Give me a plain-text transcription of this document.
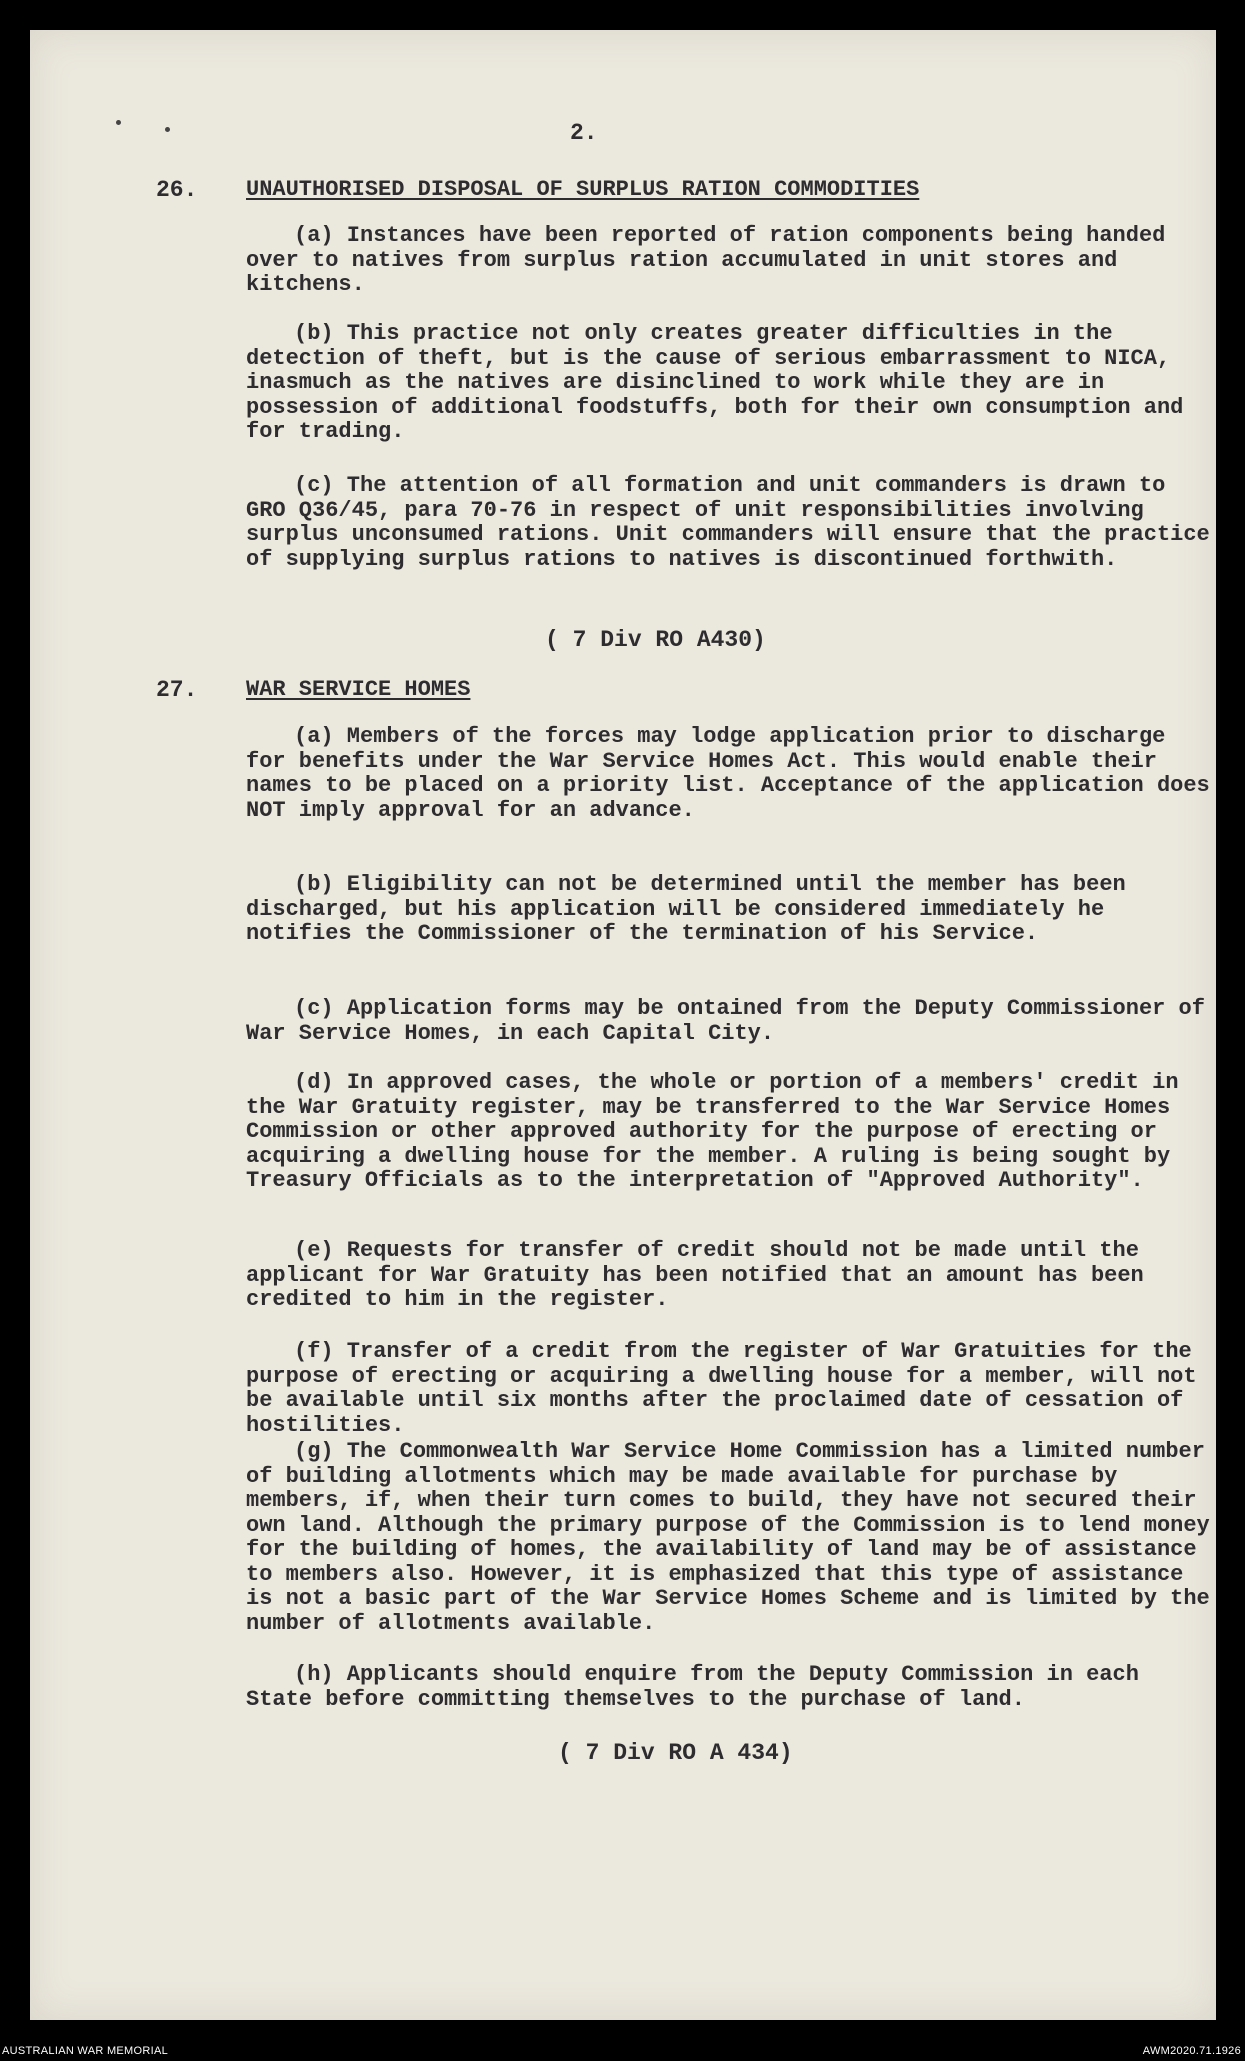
2.
26. UNAUTHORISED DISPOSAL OF SURPLUS RATION COMMODITIES

(a) Instances have been reported of ration components being handed over to natives from surplus ration accumulated in unit stores and kitchens.

(b) This practice not only creates greater difficulties in the detection of theft, but is the cause of serious embarrassment to NICA, inasmuch as the natives are disinclined to work while they are in possession of additional foodstuffs, both for their own consumption and for trading.

(c) The attention of all formation and unit commanders is drawn to GRO Q36/45, para 70-76 in respect of unit responsibilities involving surplus unconsumed rations. Unit commanders will ensure that the practice of supplying surplus rations to natives is discontinued forthwith.

( 7 Div RO A430)
27. WAR SERVICE HOMES

(a) Members of the forces may lodge application prior to discharge for benefits under the War Service Homes Act. This would enable their names to be placed on a priority list. Acceptance of the application does NOT imply approval for an advance.

(b) Eligibility can not be determined until the member has been discharged, but his application will be considered immediately he notifies the Commissioner of the termination of his Service.

(c) Application forms may be ontained from the Deputy Commissioner of War Service Homes, in each Capital City.

(d) In approved cases, the whole or portion of a members' credit in the War Gratuity register, may be transferred to the War Service Homes Commission or other approved authority for the purpose of erecting or acquiring a dwelling house for the member. A ruling is being sought by Treasury Officials as to the interpretation of "Approved Authority".

(e) Requests for transfer of credit should not be made until the applicant for War Gratuity has been notified that an amount has been credited to him in the register.

(f) Transfer of a credit from the register of War Gratuities for the purpose of erecting or acquiring a dwelling house for a member, will not be available until six months after the proclaimed date of cessation of hostilities.

(g) The Commonwealth War Service Home Commission has a limited number of building allotments which may be made available for purchase by members, if, when their turn comes to build, they have not secured their own land. Although the primary purpose of the Commission is to lend money for the building of homes, the availability of land may be of assistance to members also. However, it is emphasized that this type of assistance is not a basic part of the War Service Homes Scheme and is limited by the number of allotments available.

(h) Applicants should enquire from the Deputy Commission in each State before committing themselves to the purchase of land.

( 7 Div RO A 434)
AUSTRALIAN WAR MEMORIAL	AWM2020.71.1926
